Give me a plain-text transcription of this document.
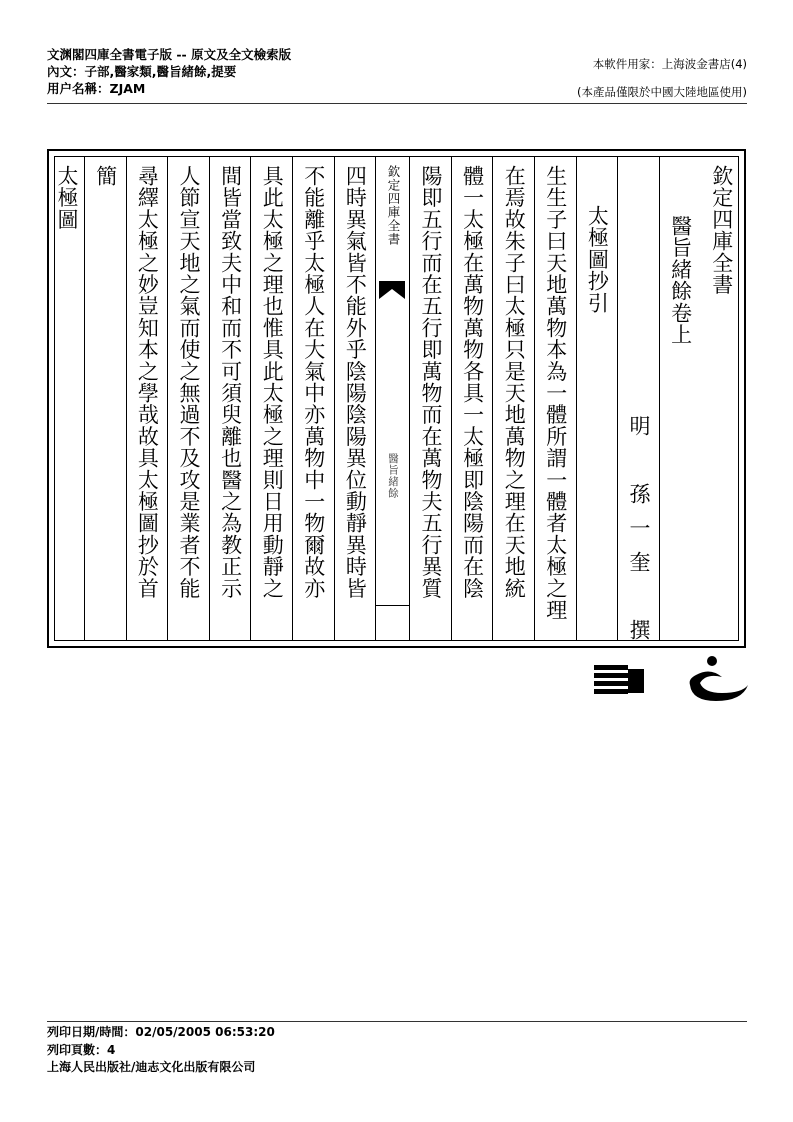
文渊閣四庫全書電子版 -- 原文及全文檢索版
內文：子部,醫家類,醫旨緒餘,提要
用户名稱：ZJAM
本軟件用家：上海波金書店(4)
(本產品僅限於中國大陸地區使用)
欽定四庫全書
醫旨緒餘卷上
明　孫一奎　撰
太極圖抄引
生生子曰天地萬物本為一體所謂一體者太極之理
在焉故朱子曰太極只是天地萬物之理在天地統
體一太極在萬物萬物各具一太極即陰陽而在陰
陽即五行而在五行即萬物而在萬物夫五行異質
欽定四庫全書
醫旨緒餘
四時異氣皆不能外乎陰陽陰陽異位動靜異時皆
不能離乎太極人在大氣中亦萬物中一物爾故亦
具此太極之理也惟具此太極之理則日用動靜之
間皆當致夫中和而不可須臾離也醫之為教正示
人節宣天地之氣而使之無過不及攻是業者不能
尋繹太極之妙豈知本之學哉故具太極圖抄於首
簡
太極圖
列印日期/時間：02/05/2005 06:53:20
列印頁數：4
上海人民出版社/迪志文化出版有限公司
